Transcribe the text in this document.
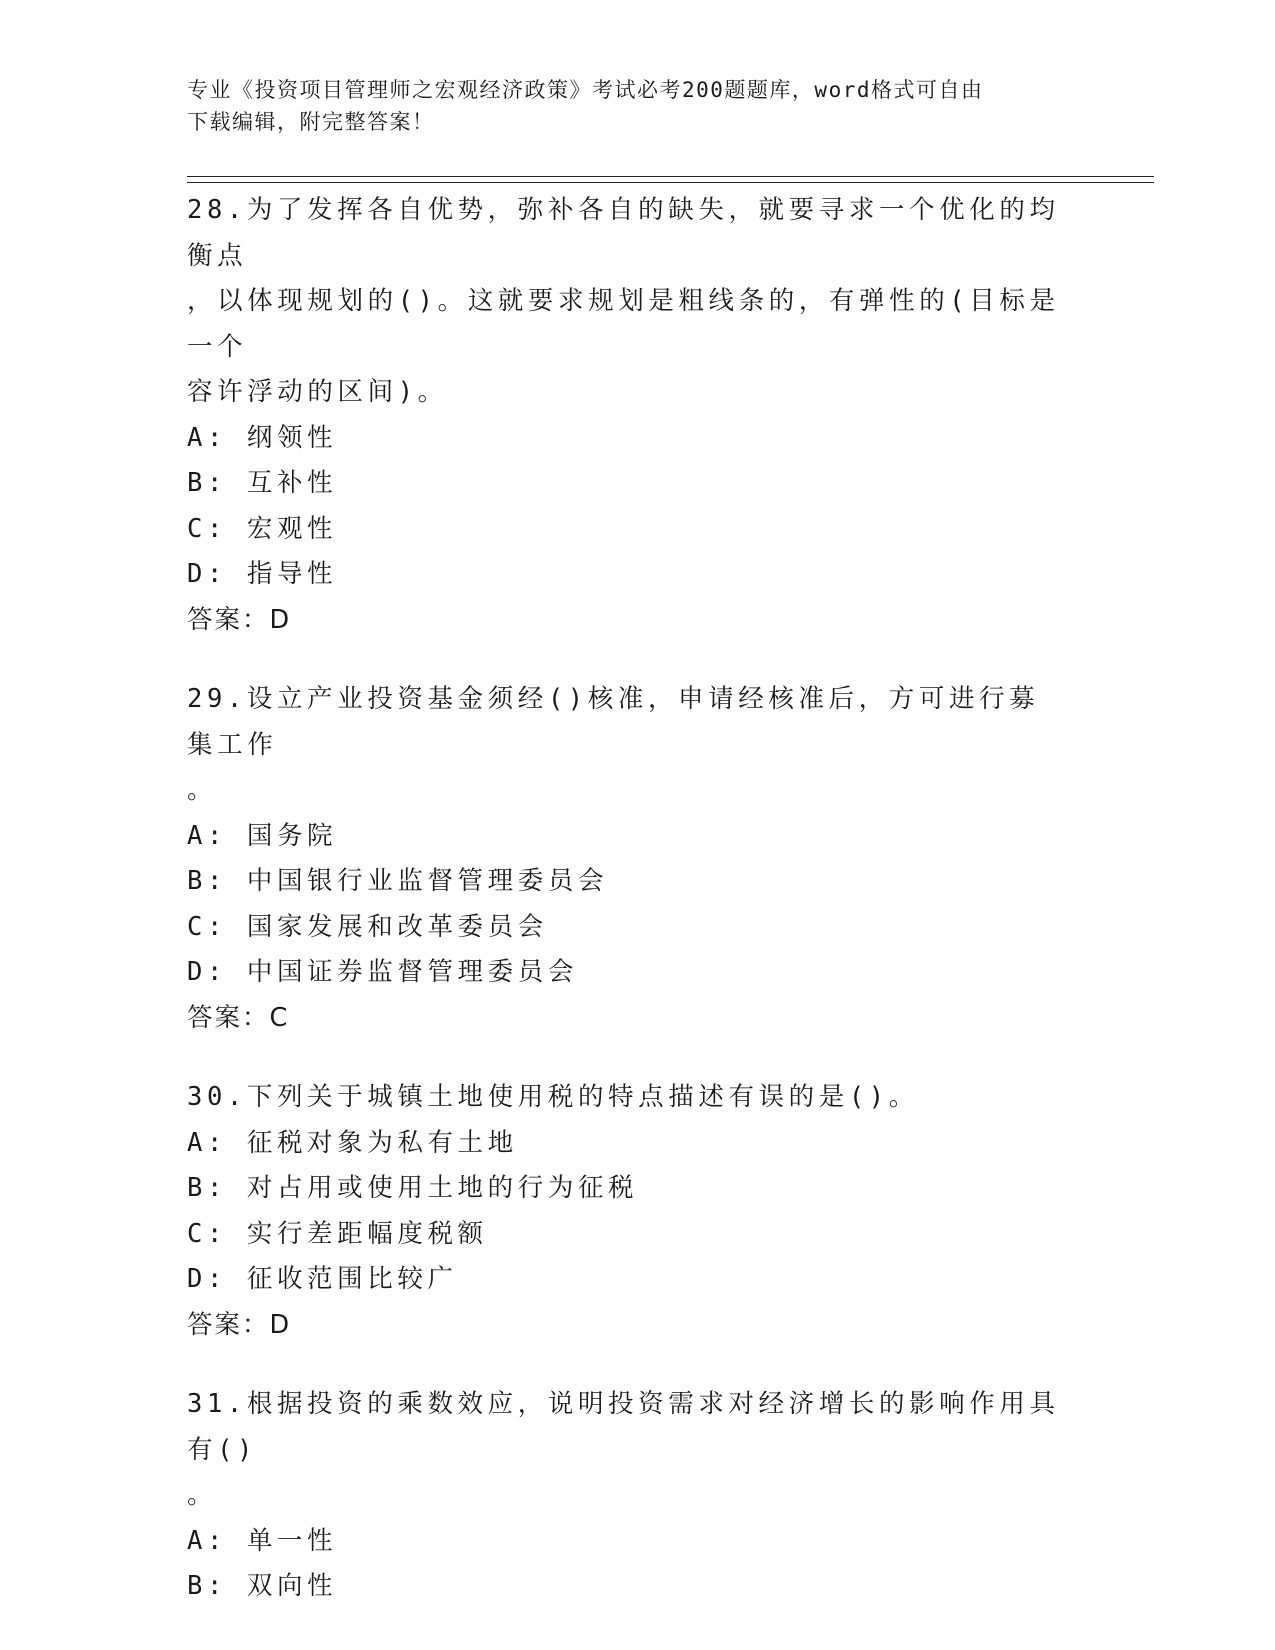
专业《投资项目管理师之宏观经济政策》考试必考200题题库，word格式可自由
下载编辑，附完整答案！
28.为了发挥各自优势，弥补各自的缺失，就要寻求一个优化的均衡点
，以体现规划的()。这就要求规划是粗线条的，有弹性的(目标是一个
容许浮动的区间)。
A: 纲领性
B: 互补性
C: 宏观性
D: 指导性
答案：D
29.设立产业投资基金须经()核准，申请经核准后，方可进行募集工作
。
A: 国务院
B: 中国银行业监督管理委员会
C: 国家发展和改革委员会
D: 中国证券监督管理委员会
答案：C
30.下列关于城镇土地使用税的特点描述有误的是()。
A: 征税对象为私有土地
B: 对占用或使用土地的行为征税
C: 实行差距幅度税额
D: 征收范围比较广
答案：D
31.根据投资的乘数效应，说明投资需求对经济增长的影响作用具有()
。
A: 单一性
B: 双向性
